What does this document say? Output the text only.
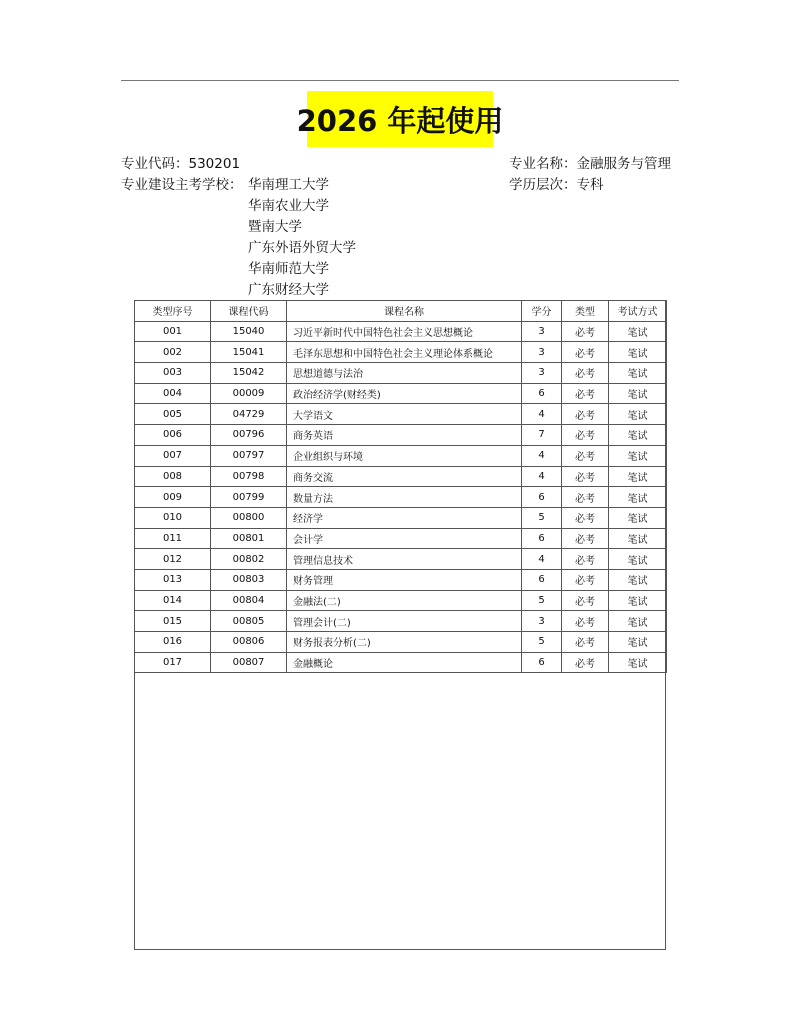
2026 年起使用
专业代码：530201
专业建设主考学校：
专业名称：金融服务与管理
学历层次：专科
华南理工大学
华南农业大学
暨南大学
广东外语外贸大学
华南师范大学
广东财经大学
类型序号	课程代码	课程名称	学分	类型	考试方式
001	15040	习近平新时代中国特色社会主义思想概论	3	必考	笔试
002	15041	毛泽东思想和中国特色社会主义理论体系概论	3	必考	笔试
003	15042	思想道德与法治	3	必考	笔试
004	00009	政治经济学(财经类)	6	必考	笔试
005	04729	大学语文	4	必考	笔试
006	00796	商务英语	7	必考	笔试
007	00797	企业组织与环境	4	必考	笔试
008	00798	商务交流	4	必考	笔试
009	00799	数量方法	6	必考	笔试
010	00800	经济学	5	必考	笔试
011	00801	会计学	6	必考	笔试
012	00802	管理信息技术	4	必考	笔试
013	00803	财务管理	6	必考	笔试
014	00804	金融法(二)	5	必考	笔试
015	00805	管理会计(二)	3	必考	笔试
016	00806	财务报表分析(二)	5	必考	笔试
017	00807	金融概论	6	必考	笔试
